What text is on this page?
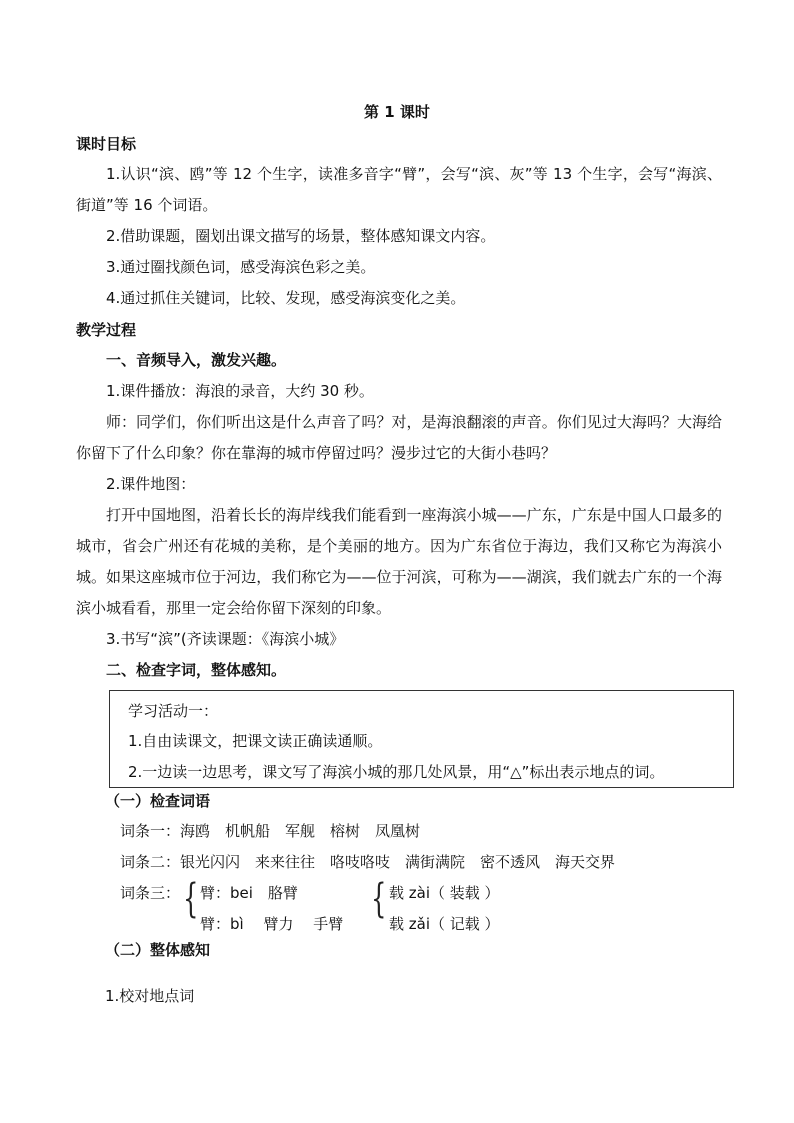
第 1 课时
课时目标

1.认识“滨、鸥”等 12 个生字，读准多音字“臂”，会写“滨、灰”等 13 个生字，会写“海滨、街道”等 16 个词语。

2.借助课题，圈划出课文描写的场景，整体感知课文内容。

3.通过圈找颜色词，感受海滨色彩之美。

4.通过抓住关键词，比较、发现，感受海滨变化之美。

教学过程

一、音频导入，激发兴趣。

1.课件播放：海浪的录音，大约 30 秒。

师：同学们，你们听出这是什么声音了吗？对，是海浪翻滚的声音。你们见过大海吗？大海给你留下了什么印象？你在靠海的城市停留过吗？漫步过它的大街小巷吗？

2.课件地图：

打开中国地图，沿着长长的海岸线我们能看到一座海滨小城——广东，广东是中国人口最多的城市，省会广州还有花城的美称，是个美丽的地方。因为广东省位于海边，我们又称它为海滨小城。如果这座城市位于河边，我们称它为——位于河滨，可称为——湖滨，我们就去广东的一个海滨小城看看，那里一定会给你留下深刻的印象。

3.书写“滨”(齐读课题：《海滨小城》

二、检查字词，整体感知。

学习活动一：
1.自由读课文，把课文读正确读通顺。
2.一边读一边思考，课文写了海滨小城的那几处风景，用“△”标出表示地点的词。
（一）检查词语
词条一：海鸥　机帆船　军舰　榕树　凤凰树
词条二：银光闪闪　来来往往　咯吱咯吱　满街满院　密不透风　海天交界
词条三： { 臂：bei　胳臂
臂：bì　 臂力　 手臂
{ 载 zài（ 装载 ）
载 zǎi（ 记载 ）
（二）整体感知
1.校对地点词
